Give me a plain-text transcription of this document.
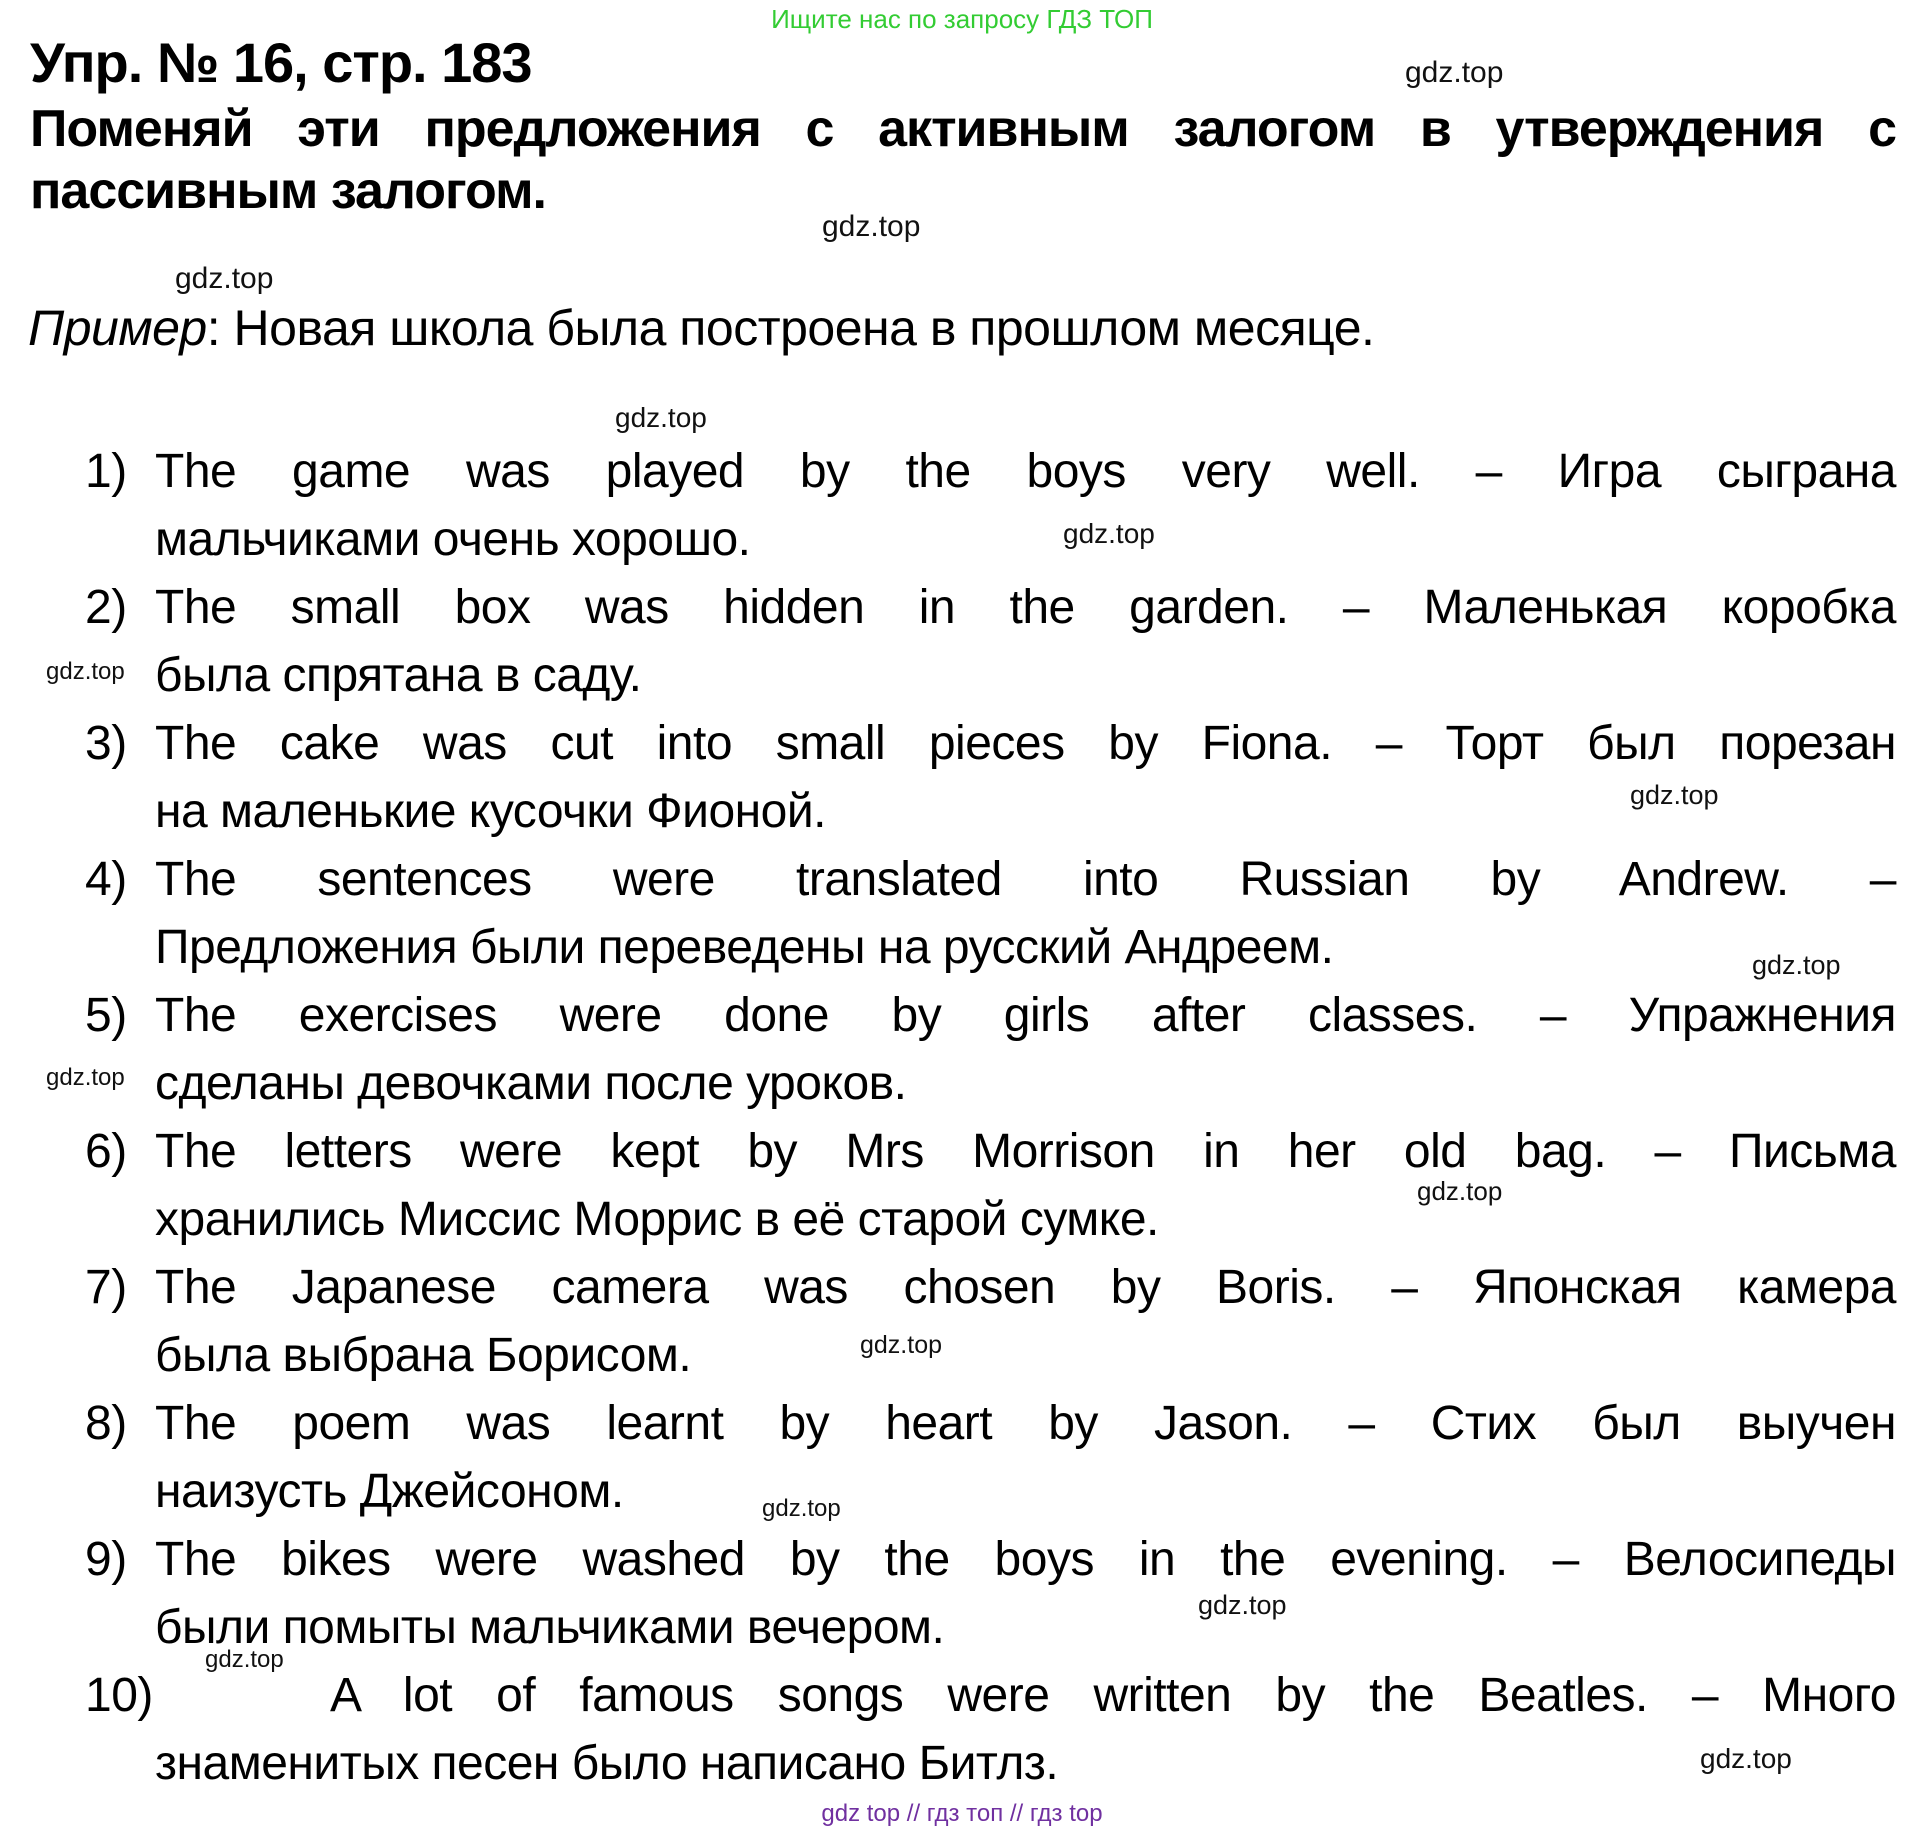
Ищите нас по запросу ГДЗ ТОП
Упр. № 16, стр. 183
Поменяй эти предложения с активным залогом в утверждения с
пассивным залогом.
Пример: Новая школа была построена в прошлом месяце.
1) The game was played by the boys very well. – Игра сыграна
мальчиками очень хорошо.
2) The small box was hidden in the garden. – Маленькая коробка
была спрятана в саду.
3) The cake was cut into small pieces by Fiona. – Торт был порезан
на маленькие кусочки Фионой.
4) The sentences were translated into Russian by Andrew. –
Предложения были переведены на русский Андреем.
5) The exercises were done by girls after classes. – Упражнения
сделаны девочками после уроков.
6) The letters were kept by Mrs Morrison in her old bag. – Письма
хранились Миссис Моррис в её старой сумке.
7) The Japanese camera was chosen by Boris. – Японская камера
была выбрана Борисом.
8) The poem was learnt by heart by Jason. – Стих был выучен
наизусть Джейсоном.
9) The bikes were washed by the boys in the evening. – Велосипеды
были помыты мальчиками вечером.
10)	A lot of famous songs were written by the Beatles. – Много
знаменитых песен было написано Битлз.
gdz.top
gdz.top
gdz.top
gdz.top
gdz.top
gdz.top
gdz.top
gdz.top
gdz.top
gdz.top
gdz.top
gdz.top
gdz.top
gdz.top
gdz.top
gdz top // гдз топ // гдз top
